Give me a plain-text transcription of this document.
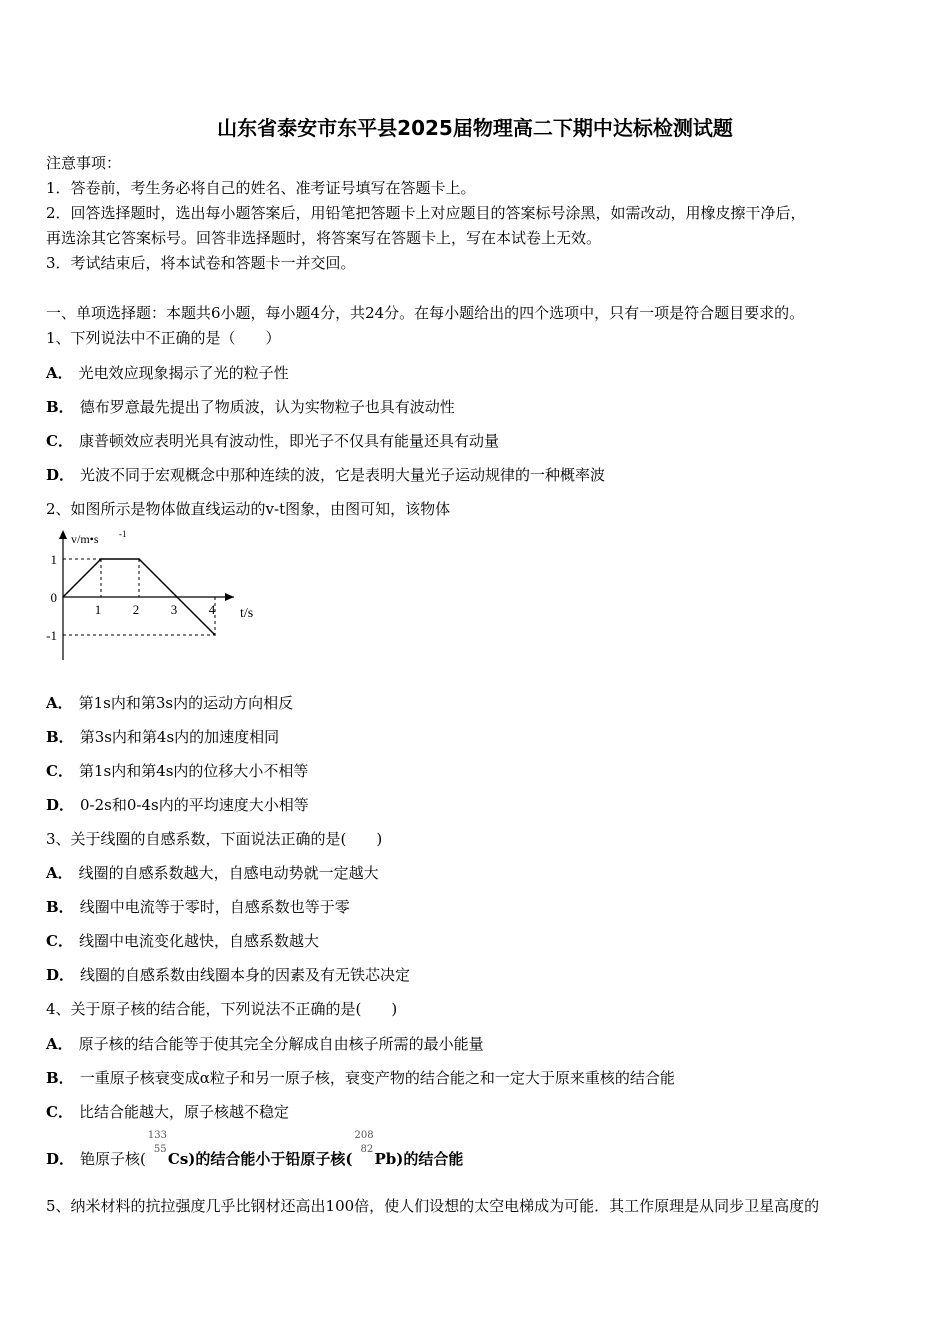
山东省泰安市东平县2025届物理高二下期中达标检测试题
注意事项：
1．答卷前，考生务必将自己的姓名、准考证号填写在答题卡上。
2．回答选择题时，选出每小题答案后，用铅笔把答题卡上对应题目的答案标号涂黑，如需改动，用橡皮擦干净后，
再选涂其它答案标号。回答非选择题时，将答案写在答题卡上，写在本试卷上无效。
3．考试结束后，将本试卷和答题卡一并交回。
一、单项选择题：本题共6小题，每小题4分，共24分。在每小题给出的四个选项中，只有一项是符合题目要求的。
1、下列说法中不正确的是（　　）
A． 光电效应现象揭示了光的粒子性
B． 德布罗意最先提出了物质波，认为实物粒子也具有波动性
C． 康普顿效应表明光具有波动性，即光子不仅具有能量还具有动量
D． 光波不同于宏观概念中那种连续的波，它是表明大量光子运动规律的一种概率波
2、如图所示是物体做直线运动的v-t图象，由图可知，该物体
v/m•s -1
t/s
1
0
-1
1 2 3 4
A． 第1s内和第3s内的运动方向相反
B． 第3s内和第4s内的加速度相同
C． 第1s内和第4s内的位移大小不相等
D． 0-2s和0-4s内的平均速度大小相等
3、关于线圈的自感系数，下面说法正确的是(　　)
A． 线圈的自感系数越大，自感电动势就一定越大
B． 线圈中电流等于零时，自感系数也等于零
C． 线圈中电流变化越快，自感系数越大
D． 线圈的自感系数由线圈本身的因素及有无铁芯决定
4、关于原子核的结合能，下列说法不正确的是(　　)
A． 原子核的结合能等于使其完全分解成自由核子所需的最小能量
B． 一重原子核衰变成α粒子和另一原子核，衰变产物的结合能之和一定大于原来重核的结合能
C． 比结合能越大，原子核越不稳定
D． 铯原子核(
133
55
Cs)的结合能小于铅原子核(
208
82
Pb)的结合能
5、纳米材料的抗拉强度几乎比钢材还高出100倍，使人们设想的太空电梯成为可能．其工作原理是从同步卫星高度的
